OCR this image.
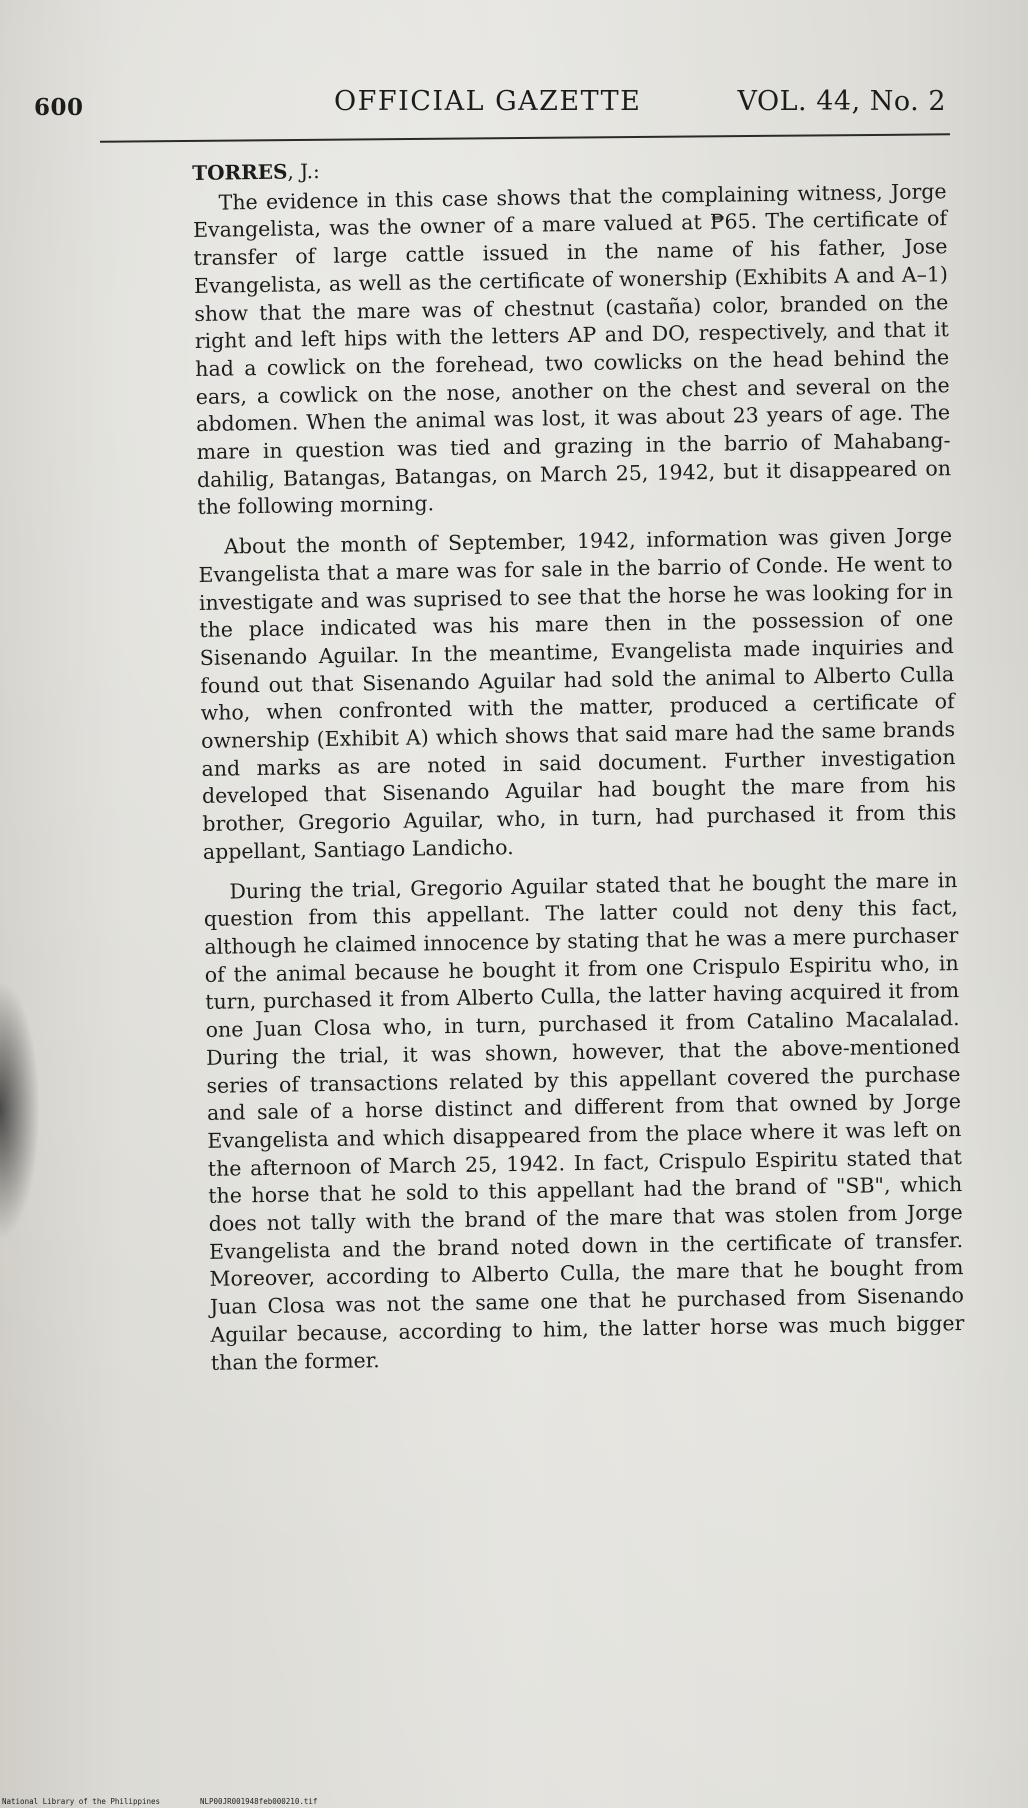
600	OFFICIAL GAZETTE	VOL. 44, No. 2

TORRES, J.:

The evidence in this case shows that the complaining witness, Jorge Evangelista, was the owner of a mare valued at ₱65. The certificate of transfer of large cattle issued in the name of his father, Jose Evangelista, as well as the certificate of wonership (Exhibits A and A–1) show that the mare was of chestnut (castaña) color, branded on the right and left hips with the letters AP and DO, respectively, and that it had a cowlick on the forehead, two cowlicks on the head behind the ears, a cowlick on the nose, another on the chest and several on the abdomen. When the animal was lost, it was about 23 years of age. The mare in question was tied and grazing in the barrio of Mahabang-dahilig, Batangas, Batangas, on March 25, 1942, but it disappeared on the following morning.

About the month of September, 1942, information was given Jorge Evangelista that a mare was for sale in the barrio of Conde. He went to investigate and was suprised to see that the horse he was looking for in the place indicated was his mare then in the possession of one Sisenando Aguilar. In the meantime, Evangelista made inquiries and found out that Sisenando Aguilar had sold the animal to Alberto Culla who, when confronted with the matter, produced a certificate of ownership (Exhibit A) which shows that said mare had the same brands and marks as are noted in said document. Further investigation developed that Sisenando Aguilar had bought the mare from his brother, Gregorio Aguilar, who, in turn, had purchased it from this appellant, Santiago Landicho.

During the trial, Gregorio Aguilar stated that he bought the mare in question from this appellant. The latter could not deny this fact, although he claimed innocence by stating that he was a mere purchaser of the animal because he bought it from one Crispulo Espiritu who, in turn, purchased it from Alberto Culla, the latter having acquired it from one Juan Closa who, in turn, purchased it from Catalino Macalalad. During the trial, it was shown, however, that the above-mentioned series of transactions related by this appellant covered the purchase and sale of a horse distinct and different from that owned by Jorge Evangelista and which disappeared from the place where it was left on the afternoon of March 25, 1942. In fact, Crispulo Espiritu stated that the horse that he sold to this appellant had the brand of "SB", which does not tally with the brand of the mare that was stolen from Jorge Evangelista and the brand noted down in the certificate of transfer. Moreover, according to Alberto Culla, the mare that he bought from Juan Closa was not the same one that he purchased from Sisenando Aguilar because, according to him, the latter horse was much bigger than the former.

National Library of the Philippines	NLP00JR001948feb000210.tif
